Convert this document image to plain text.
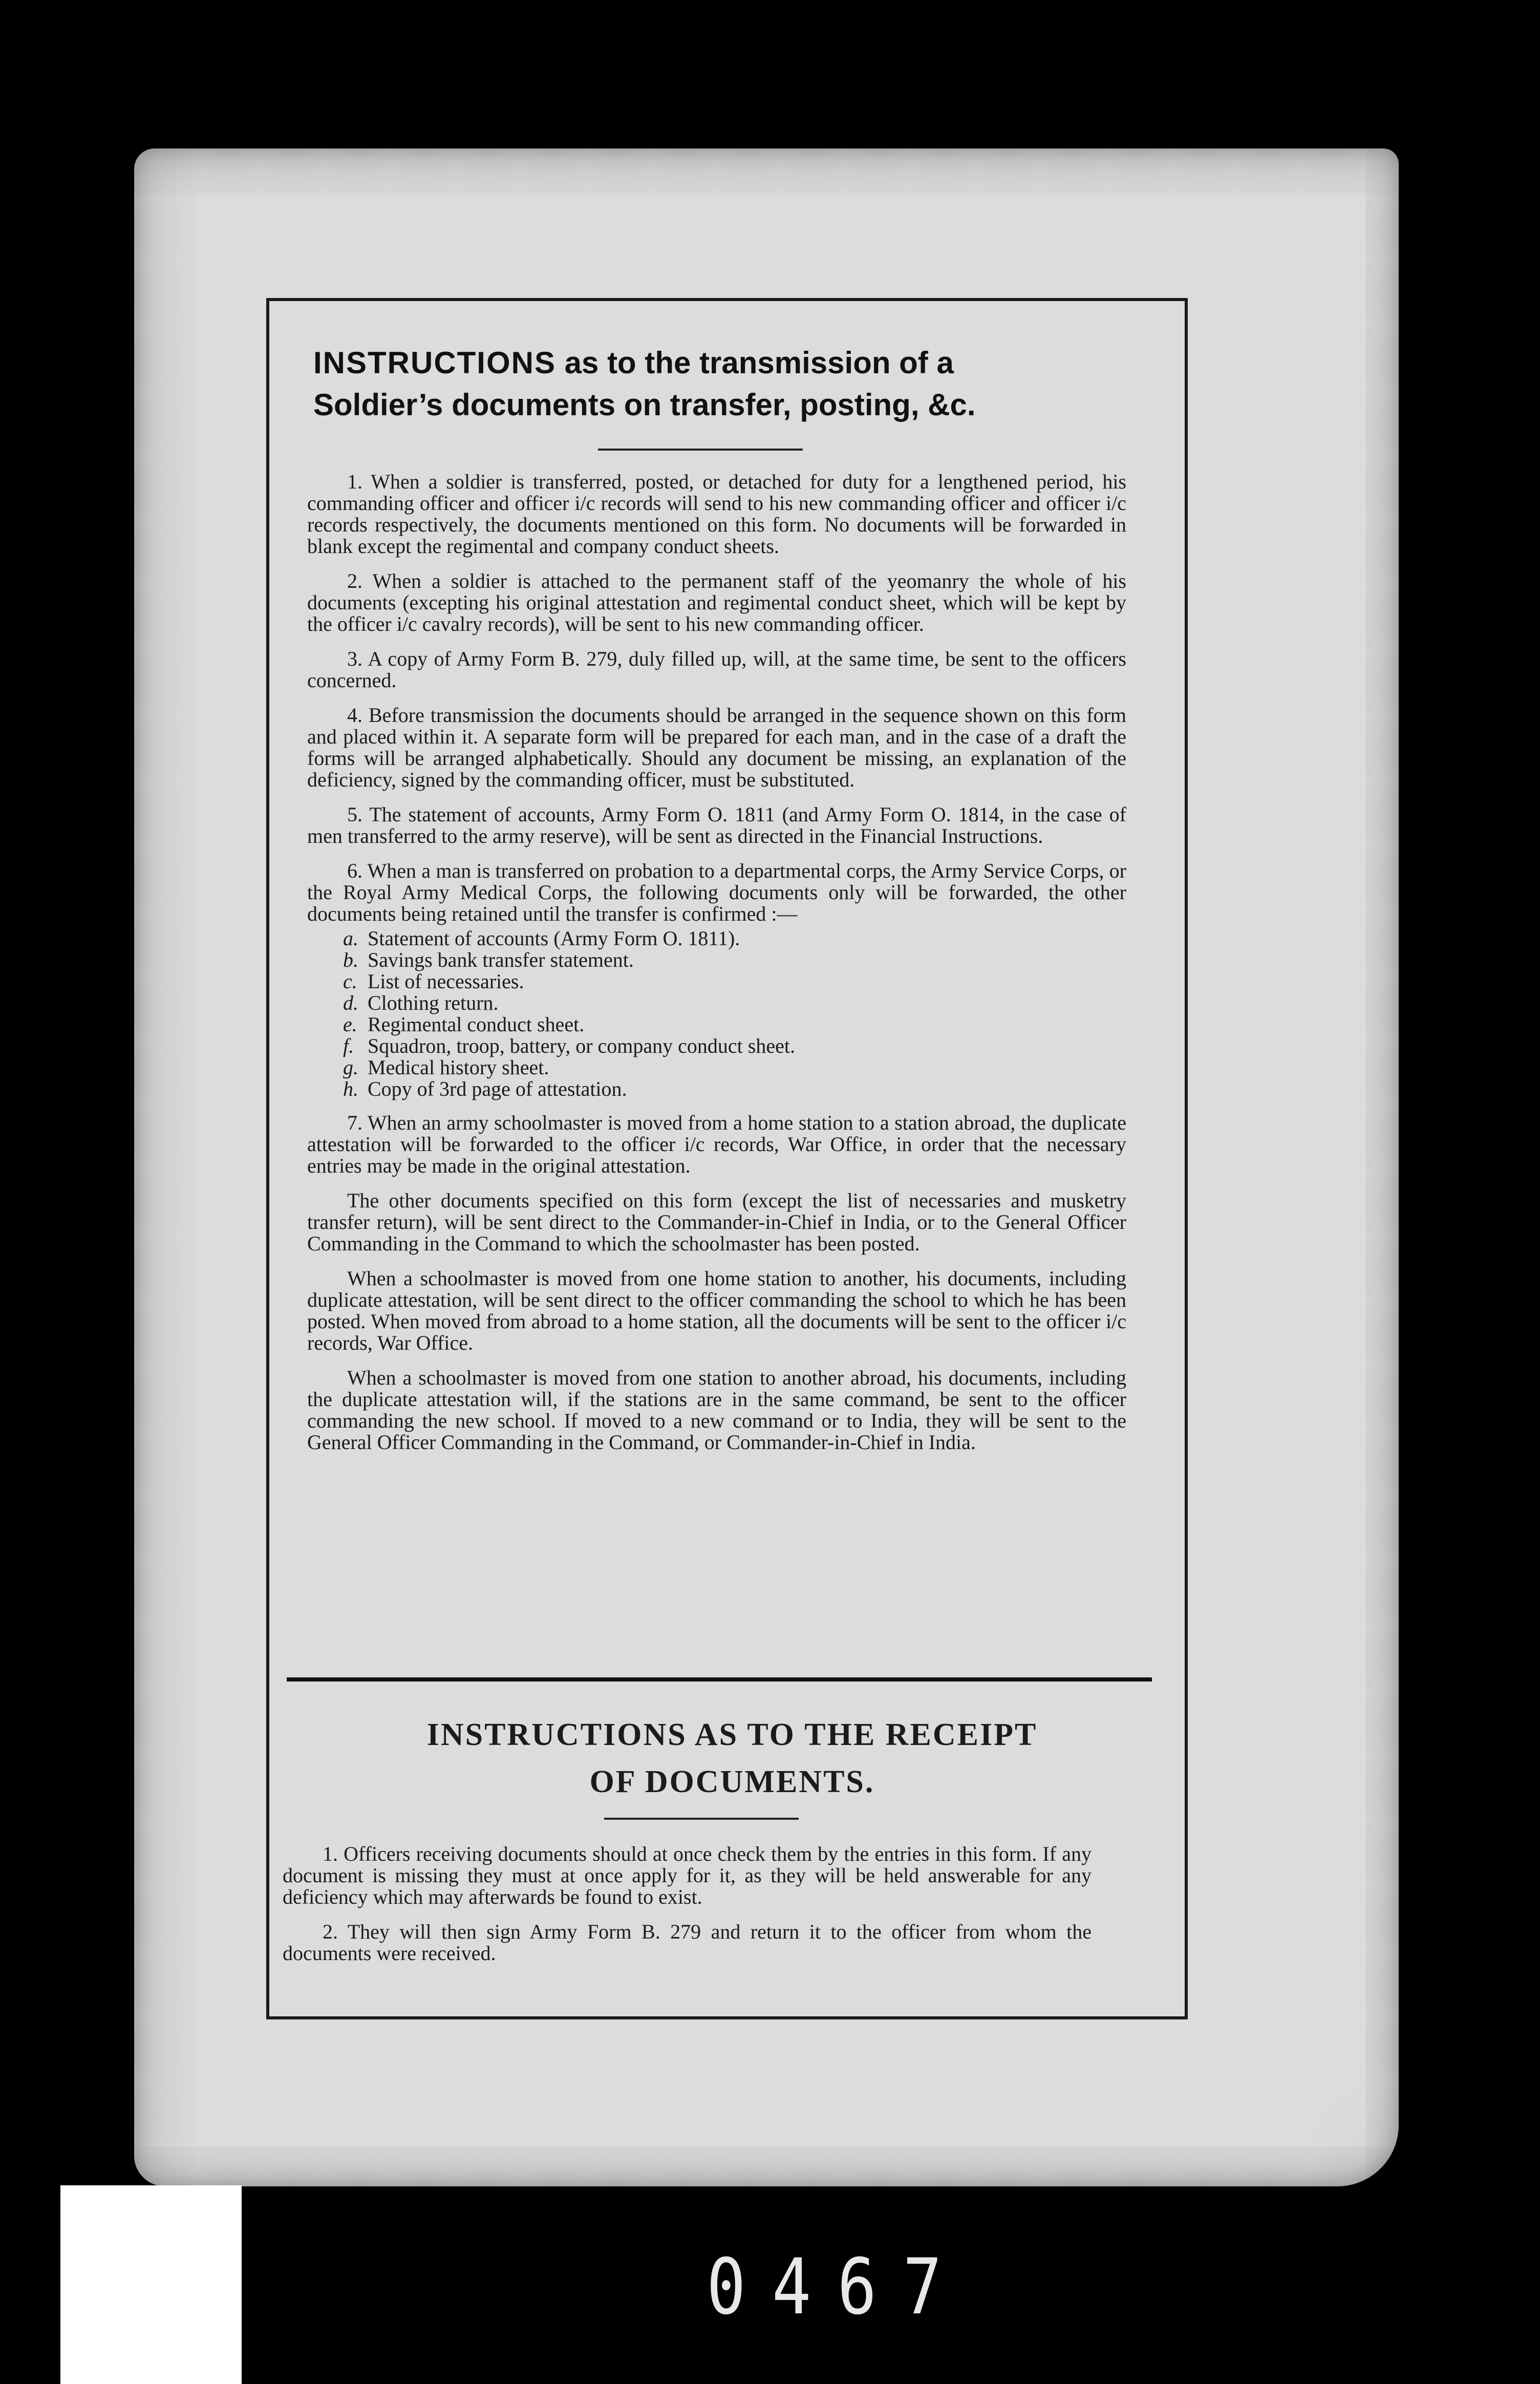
INSTRUCTIONS as to the transmission of a
Soldier’s documents on transfer, posting, &c.

1. When a soldier is transferred, posted, or detached for duty for a lengthened period, his commanding officer and officer i/c records will send to his new commanding officer and officer i/c records respectively, the documents mentioned on this form. No documents will be forwarded in blank except the regimental and company conduct sheets.

2. When a soldier is attached to the permanent staff of the yeomanry the whole of his documents (excepting his original attestation and regimental conduct sheet, which will be kept by the officer i/c cavalry records), will be sent to his new commanding officer.

3. A copy of Army Form B. 279, duly filled up, will, at the same time, be sent to the officers concerned.

4. Before transmission the documents should be arranged in the sequence shown on this form and placed within it. A separate form will be prepared for each man, and in the case of a draft the forms will be arranged alphabetically. Should any document be missing, an explanation of the deficiency, signed by the commanding officer, must be substituted.

5. The statement of accounts, Army Form O. 1811 (and Army Form O. 1814, in the case of men transferred to the army reserve), will be sent as directed in the Financial Instructions.

6. When a man is transferred on probation to a departmental corps, the Army Service Corps, or the Royal Army Medical Corps, the following documents only will be forwarded, the other documents being retained until the transfer is confirmed :—

a. Statement of accounts (Army Form O. 1811).
b. Savings bank transfer statement.
c. List of necessaries.
d. Clothing return.
e. Regimental conduct sheet.
f. Squadron, troop, battery, or company conduct sheet.
g. Medical history sheet.
h. Copy of 3rd page of attestation.

7. When an army schoolmaster is moved from a home station to a station abroad, the duplicate attestation will be forwarded to the officer i/c records, War Office, in order that the necessary entries may be made in the original attestation.

The other documents specified on this form (except the list of necessaries and musketry transfer return), will be sent direct to the Commander-in-Chief in India, or to the General Officer Commanding in the Command to which the schoolmaster has been posted.

When a schoolmaster is moved from one home station to another, his documents, including duplicate attestation, will be sent direct to the officer commanding the school to which he has been posted. When moved from abroad to a home station, all the documents will be sent to the officer i/c records, War Office.

When a schoolmaster is moved from one station to another abroad, his documents, including the duplicate attestation will, if the stations are in the same command, be sent to the officer commanding the new school. If moved to a new command or to India, they will be sent to the General Officer Commanding in the Command, or Commander-in-Chief in India.

INSTRUCTIONS AS TO THE RECEIPT
OF DOCUMENTS.

1. Officers receiving documents should at once check them by the entries in this form. If any document is missing they must at once apply for it, as they will be held answerable for any deficiency which may afterwards be found to exist.

2. They will then sign Army Form B. 279 and return it to the officer from whom the documents were received.

0467
